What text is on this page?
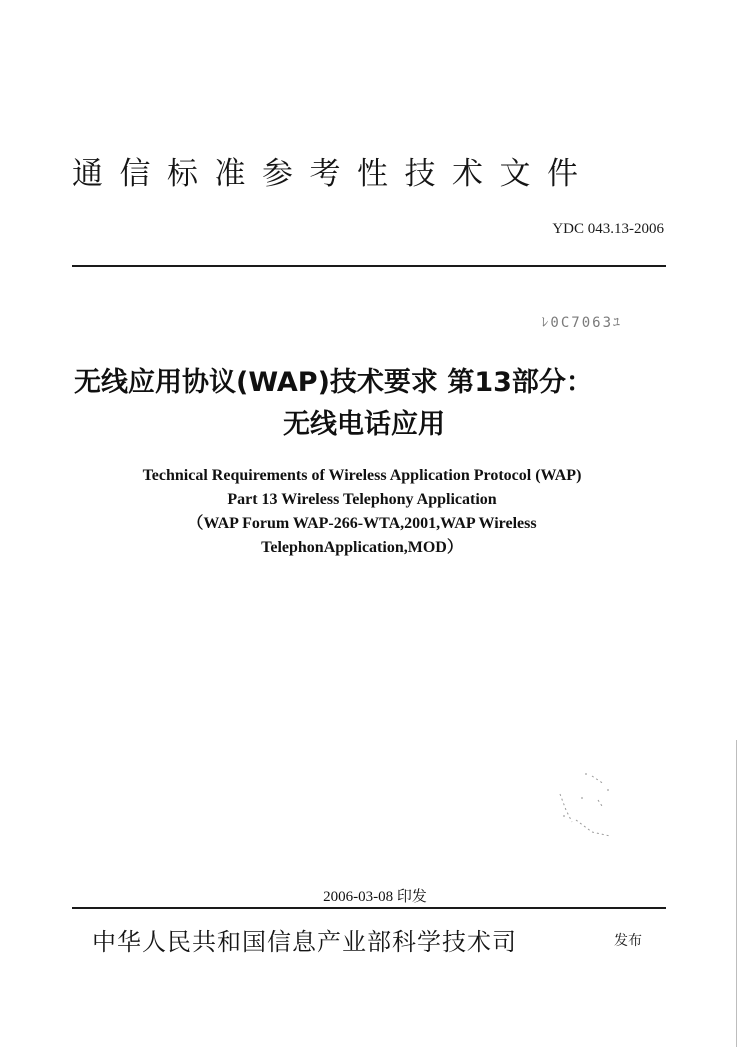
通信标准参考性技术文件
YDC 043.13-2006
ﾚ0C7063ﾕ
无线应用协议(WAP)技术要求 第13部分：
无线电话应用
Technical Requirements of Wireless Application Protocol (WAP)
Part 13 Wireless Telephony Application
（WAP Forum WAP-266-WTA,2001,WAP Wireless
TelephonApplication,MOD）
2006-03-08 印发
中华人民共和国信息产业部科学技术司	发布
